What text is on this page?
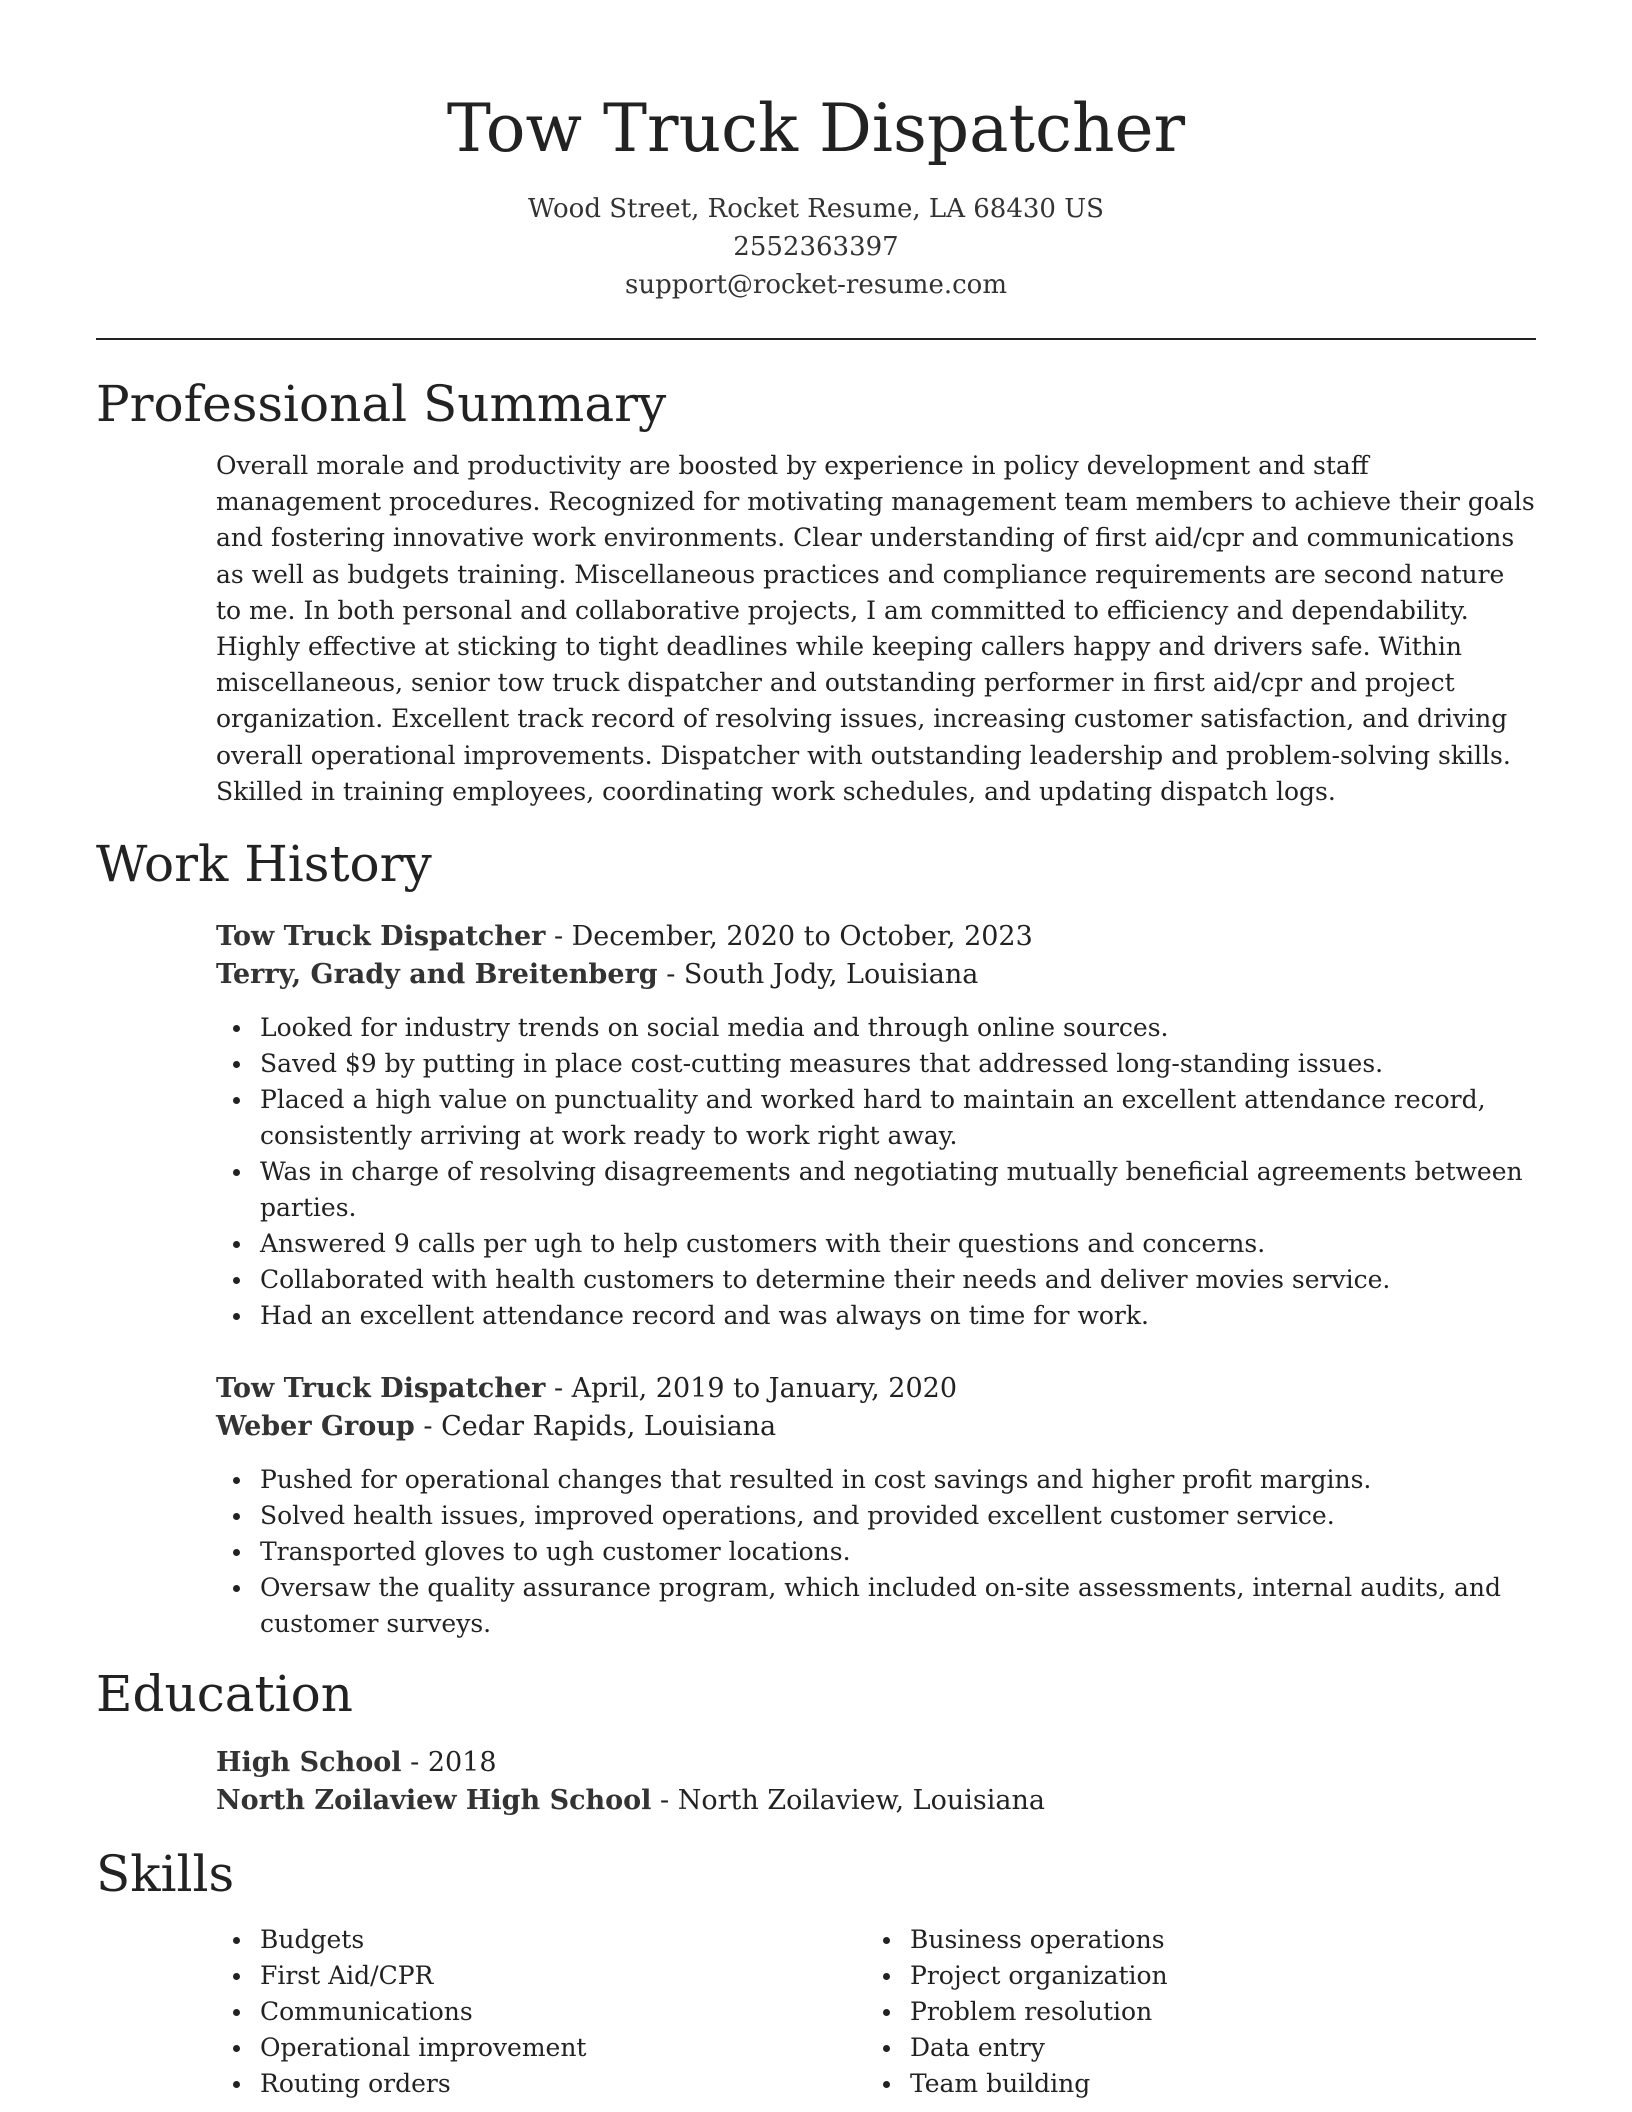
Tow Truck Dispatcher
Wood Street, Rocket Resume, LA 68430 US
2552363397
support@rocket-resume.com
Professional Summary

Overall morale and productivity are boosted by experience in policy development and staff management procedures. Recognized for motivating management team members to achieve their goals and fostering innovative work environments. Clear understanding of first aid/cpr and communications as well as budgets training. Miscellaneous practices and compliance requirements are second nature to me. In both personal and collaborative projects, I am committed to efficiency and dependability. Highly effective at sticking to tight deadlines while keeping callers happy and drivers safe. Within miscellaneous, senior tow truck dispatcher and outstanding performer in first aid/cpr and project organization. Excellent track record of resolving issues, increasing customer satisfaction, and driving overall operational improvements. Dispatcher with outstanding leadership and problem-solving skills. Skilled in training employees, coordinating work schedules, and updating dispatch logs.

Work History
Tow Truck Dispatcher - December, 2020 to October, 2023
Terry, Grady and Breitenberg - South Jody, Louisiana
Looked for industry trends on social media and through online sources.
Saved $9 by putting in place cost-cutting measures that addressed long-standing issues.
Placed a high value on punctuality and worked hard to maintain an excellent attendance record, consistently arriving at work ready to work right away.
Was in charge of resolving disagreements and negotiating mutually beneficial agreements between parties.
Answered 9 calls per ugh to help customers with their questions and concerns.
Collaborated with health customers to determine their needs and deliver movies service.
Had an excellent attendance record and was always on time for work.
Tow Truck Dispatcher - April, 2019 to January, 2020
Weber Group - Cedar Rapids, Louisiana
Pushed for operational changes that resulted in cost savings and higher profit margins.
Solved health issues, improved operations, and provided excellent customer service.
Transported gloves to ugh customer locations.
Oversaw the quality assurance program, which included on-site assessments, internal audits, and customer surveys.
Education
High School - 2018
North Zoilaview High School - North Zoilaview, Louisiana
Skills
Budgets
First Aid/CPR
Communications
Operational improvement
Routing orders
Business operations
Project organization
Problem resolution
Data entry
Team building
